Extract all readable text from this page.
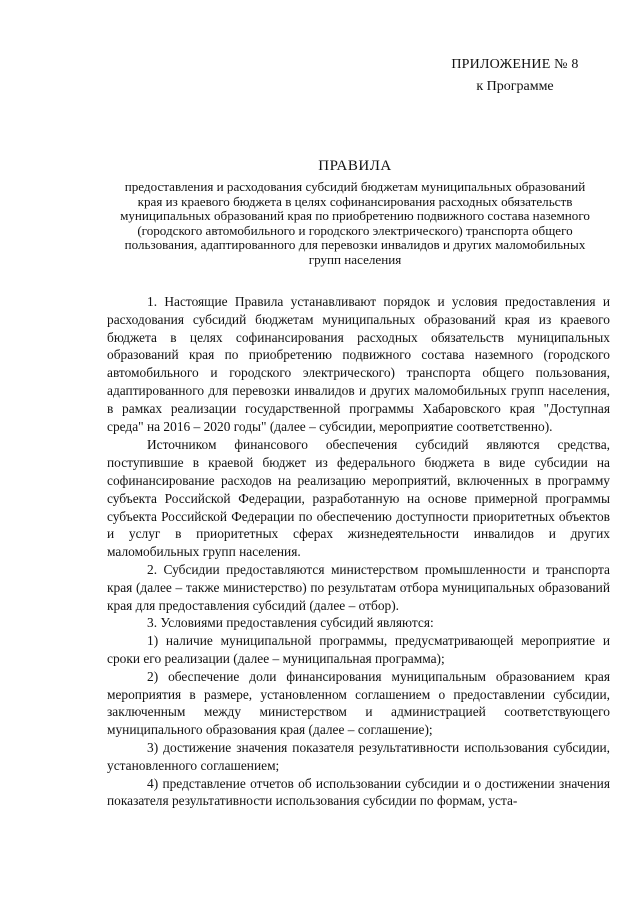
ПРИЛОЖЕНИЕ № 8
к Программе
ПРАВИЛА
предоставления и расходования субсидий бюджетам муниципальных образований края из краевого бюджета в целях софинансирования расходных обязательств муниципальных образований края по приобретению подвижного состава наземного (городского автомобильного и городского электрического) транспорта общего пользования, адаптированного для перевозки инвалидов и других маломобильных групп населения

1. Настоящие Правила устанавливают порядок и условия предоставления и расходования субсидий бюджетам муниципальных образований края из краевого бюджета в целях софинансирования расходных обязательств муниципальных образований края по приобретению подвижного состава наземного (городского автомобильного и городского электрического) транспорта общего пользования, адаптированного для перевозки инвалидов и других маломобильных групп населения, в рамках реализации государственной программы Хабаровского края "Доступная среда" на 2016 – 2020 годы" (далее – субсидии, мероприятие соответственно).

Источником финансового обеспечения субсидий являются средства, поступившие в краевой бюджет из федерального бюджета в виде субсидии на софинансирование расходов на реализацию мероприятий, включенных в программу субъекта Российской Федерации, разработанную на основе примерной программы субъекта Российской Федерации по обеспечению доступности приоритетных объектов и услуг в приоритетных сферах жизнедеятельности инвалидов и других маломобильных групп населения.

2. Субсидии предоставляются министерством промышленности и транспорта края (далее – также министерство) по результатам отбора муниципальных образований края для предоставления субсидий (далее – отбор).

3. Условиями предоставления субсидий являются:

1) наличие муниципальной программы, предусматривающей мероприятие и сроки его реализации (далее – муниципальная программа);

2) обеспечение доли финансирования муниципальным образованием края мероприятия в размере, установленном соглашением о предоставлении субсидии, заключенным между министерством и администрацией соответствующего муниципального образования края (далее – соглашение);

3) достижение значения показателя результативности использования субсидии, установленного соглашением;

4) представление отчетов об использовании субсидии и о достижении значения показателя результативности использования субсидии по формам, уста-
